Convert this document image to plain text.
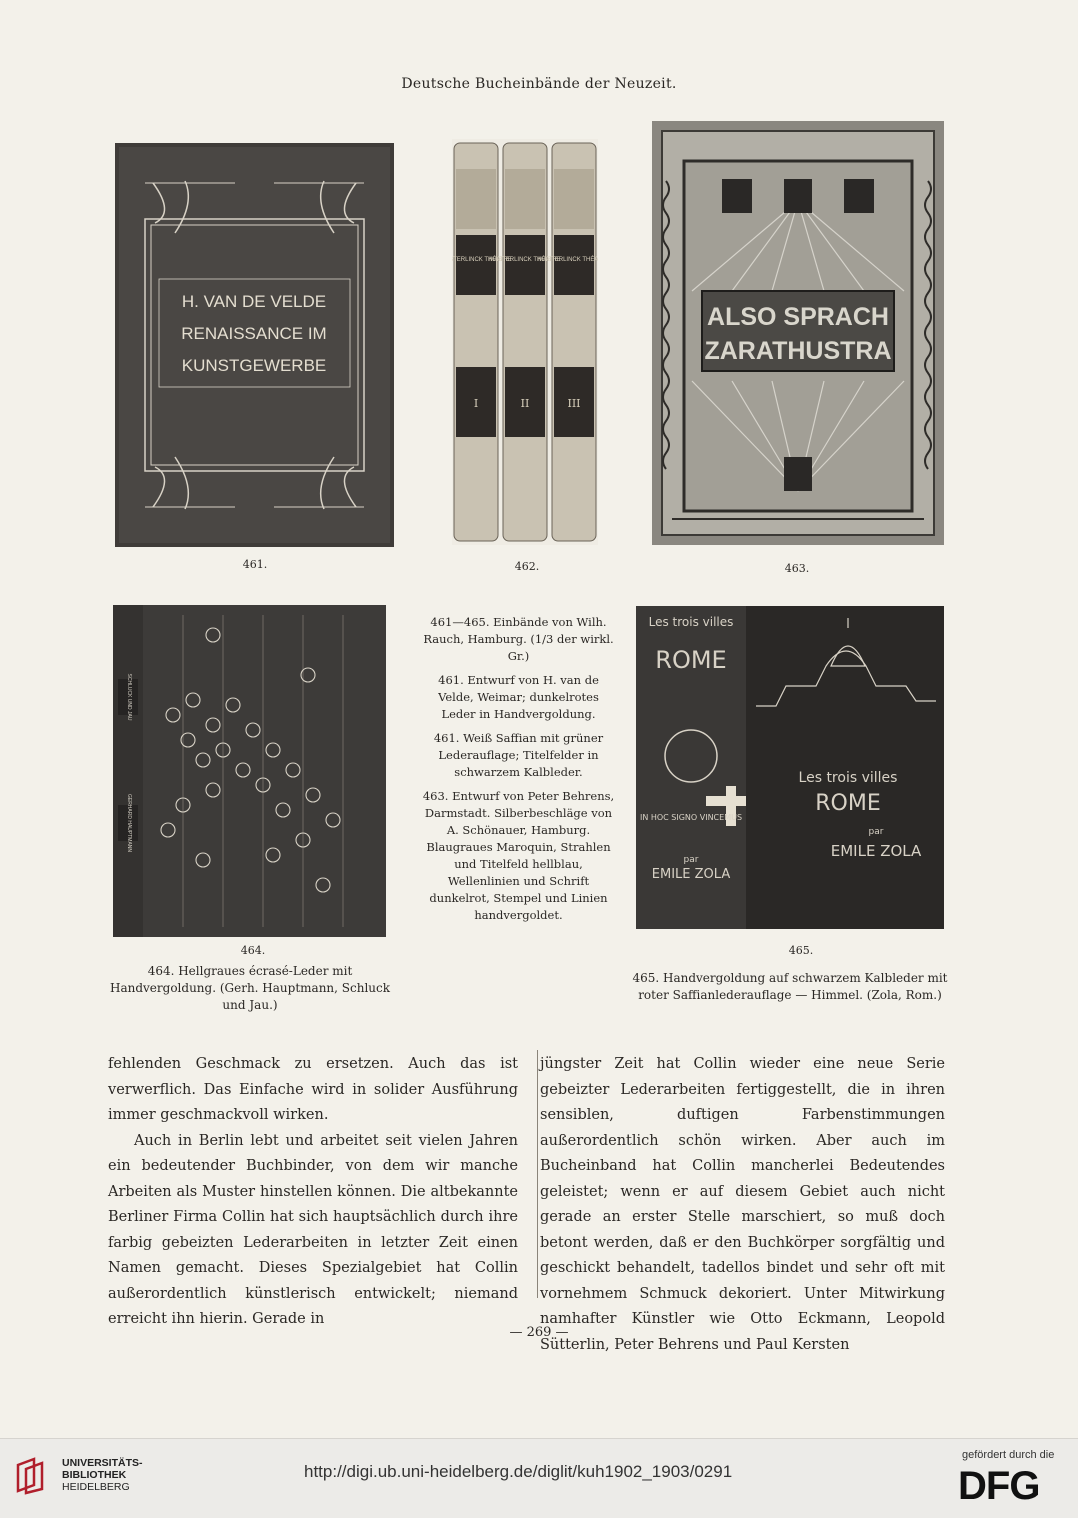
Deutsche Bucheinbände der Neuzeit.
H. VAN DE VELDE
RENAISSANCE IM
KUNSTGEWERBE
461.
TERLINCK THÉATRE
MASTERLINCK THÉATRE
MASTERLINCK THÉA
I	II	III
462.
ALSO SPRACH
ZARATHUSTRA
463.
SCHLUCK UND JAU
GERHARD HAUPTMANN
464.
Les trois villes
ROME
IN HOC SIGNO VINCEMUS
par
EMILE ZOLA
Les trois villes
ROME
par
EMILE ZOLA
465.

461—465. Einbände von Wilh. Rauch, Hamburg. (1/3 der wirkl. Gr.)

461. Entwurf von H. van de Velde, Weimar; dunkelrotes Leder in Handvergoldung.

461. Weiß Saffian mit grüner Lederauflage; Titelfelder in schwarzem Kalbleder.

463. Entwurf von Peter Behrens, Darmstadt. Silberbeschläge von A. Schönauer, Hamburg. Blaugraues Maroquin, Strahlen und Titelfeld hellblau, Wellenlinien und Schrift dunkelrot, Stempel und Linien handvergoldet.

464. Hellgraues écrasé-Leder mit Handvergoldung. (Gerh. Hauptmann, Schluck und Jau.)
465. Handvergoldung auf schwarzem Kalbleder mit roter Saffianlederauflage — Himmel. (Zola, Rom.)

fehlenden Geschmack zu ersetzen. Auch das ist verwerflich. Das Einfache wird in solider Ausführung immer geschmackvoll wirken.

Auch in Berlin lebt und arbeitet seit vielen Jahren ein bedeutender Buchbinder, von dem wir manche Arbeiten als Muster hinstellen können. Die altbekannte Berliner Firma Collin hat sich hauptsächlich durch ihre farbig gebeizten Lederarbeiten in letzter Zeit einen Namen gemacht. Dieses Spezialgebiet hat Collin außerordentlich künstlerisch entwickelt; niemand erreicht ihn hierin. Gerade in

jüngster Zeit hat Collin wieder eine neue Serie gebeizter Lederarbeiten fertiggestellt, die in ihren sensiblen, duftigen Farbenstimmungen außerordentlich schön wirken. Aber auch im Bucheinband hat Collin mancherlei Bedeutendes geleistet; wenn er auf diesem Gebiet auch nicht gerade an erster Stelle marschiert, so muß doch betont werden, daß er den Buchkörper sorgfältig und geschickt behandelt, tadellos bindet und sehr oft mit vornehmem Schmuck dekoriert. Unter Mitwirkung namhafter Künstler wie Otto Eckmann, Leopold Sütterlin, Peter Behrens und Paul Kersten

— 269 —
UNIVERSITÄTS-
BIBLIOTHEK
HEIDELBERG
http://digi.ub.uni-heidelberg.de/diglit/kuh1902_1903/0291
gefördert durch die
DFG
